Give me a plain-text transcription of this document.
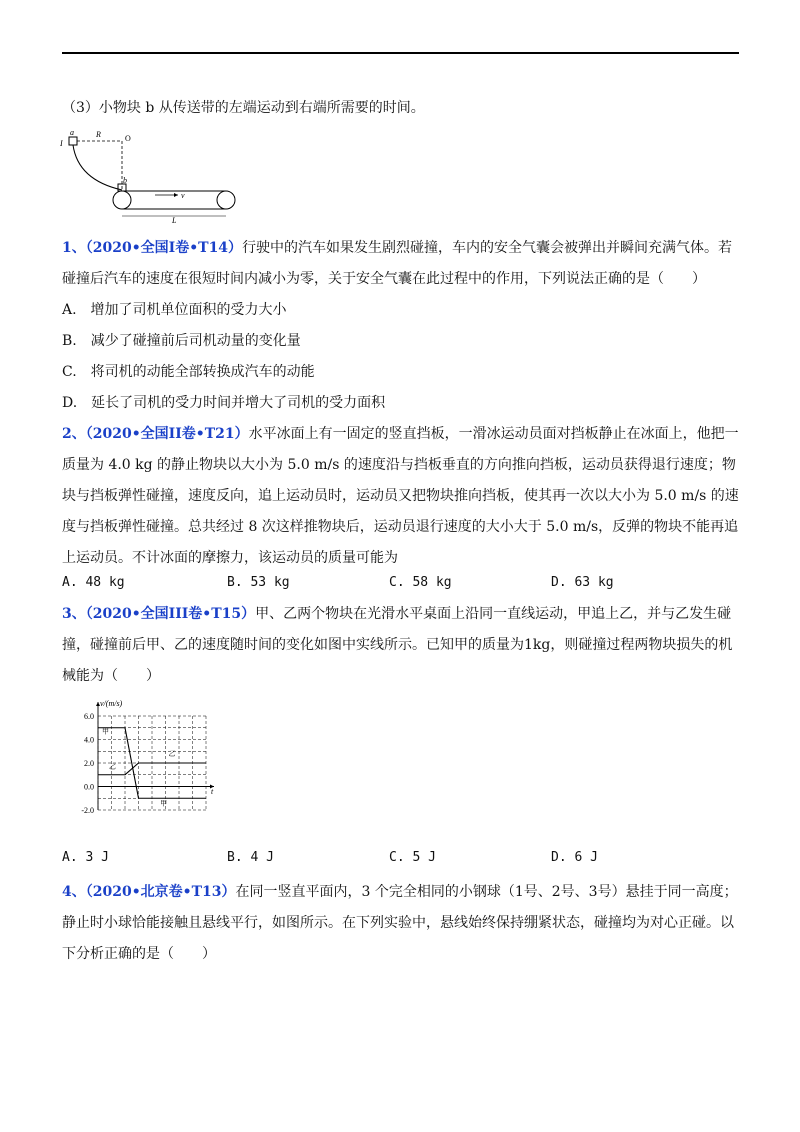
（3）小物块 b 从传送带的左端运动到右端所需要的时间。
I
a	R	O
b
v
L
1、（2020•全国I卷•T14）行驶中的汽车如果发生剧烈碰撞，车内的安全气囊会被弹出并瞬间充满气体。若
碰撞后汽车的速度在很短时间内减小为零，关于安全气囊在此过程中的作用，下列说法正确的是（　　）
A.　增加了司机单位面积的受力大小
B.　减少了碰撞前后司机动量的变化量
C.　将司机的动能全部转换成汽车的动能
D.　延长了司机的受力时间并增大了司机的受力面积
2、（2020•全国II卷•T21）水平冰面上有一固定的竖直挡板，一滑冰运动员面对挡板静止在冰面上，他把一
质量为 4.0 kg 的静止物块以大小为 5.0 m/s 的速度沿与挡板垂直的方向推向挡板，运动员获得退行速度；物
块与挡板弹性碰撞，速度反向，追上运动员时，运动员又把物块推向挡板，使其再一次以大小为 5.0 m/s 的速
度与挡板弹性碰撞。总共经过 8 次这样推物块后，运动员退行速度的大小大于 5.0 m/s，反弹的物块不能再追
上运动员。不计冰面的摩擦力，该运动员的质量可能为
A. 48 kg	B. 53 kg	C. 58 kg	D. 63 kg
3、（2020•全国III卷•T15）甲、乙两个物块在光滑水平桌面上沿同一直线运动，甲追上乙，并与乙发生碰
撞，碰撞前后甲、乙的速度随时间的变化如图中实线所示。已知甲的质量为1kg，则碰撞过程两物块损失的机
械能为（　　）
6.0
4.0
2.0
0.0
-2.0
甲
甲
乙
乙
v/(m/s)
t
A. 3 J	B. 4 J	C. 5 J	D. 6 J
4、（2020•北京卷•T13）在同一竖直平面内，3 个完全相同的小钢球（1号、2号、3号）悬挂于同一高度；
静止时小球恰能接触且悬线平行，如图所示。在下列实验中，悬线始终保持绷紧状态，碰撞均为对心正碰。以
下分析正确的是（　　）
